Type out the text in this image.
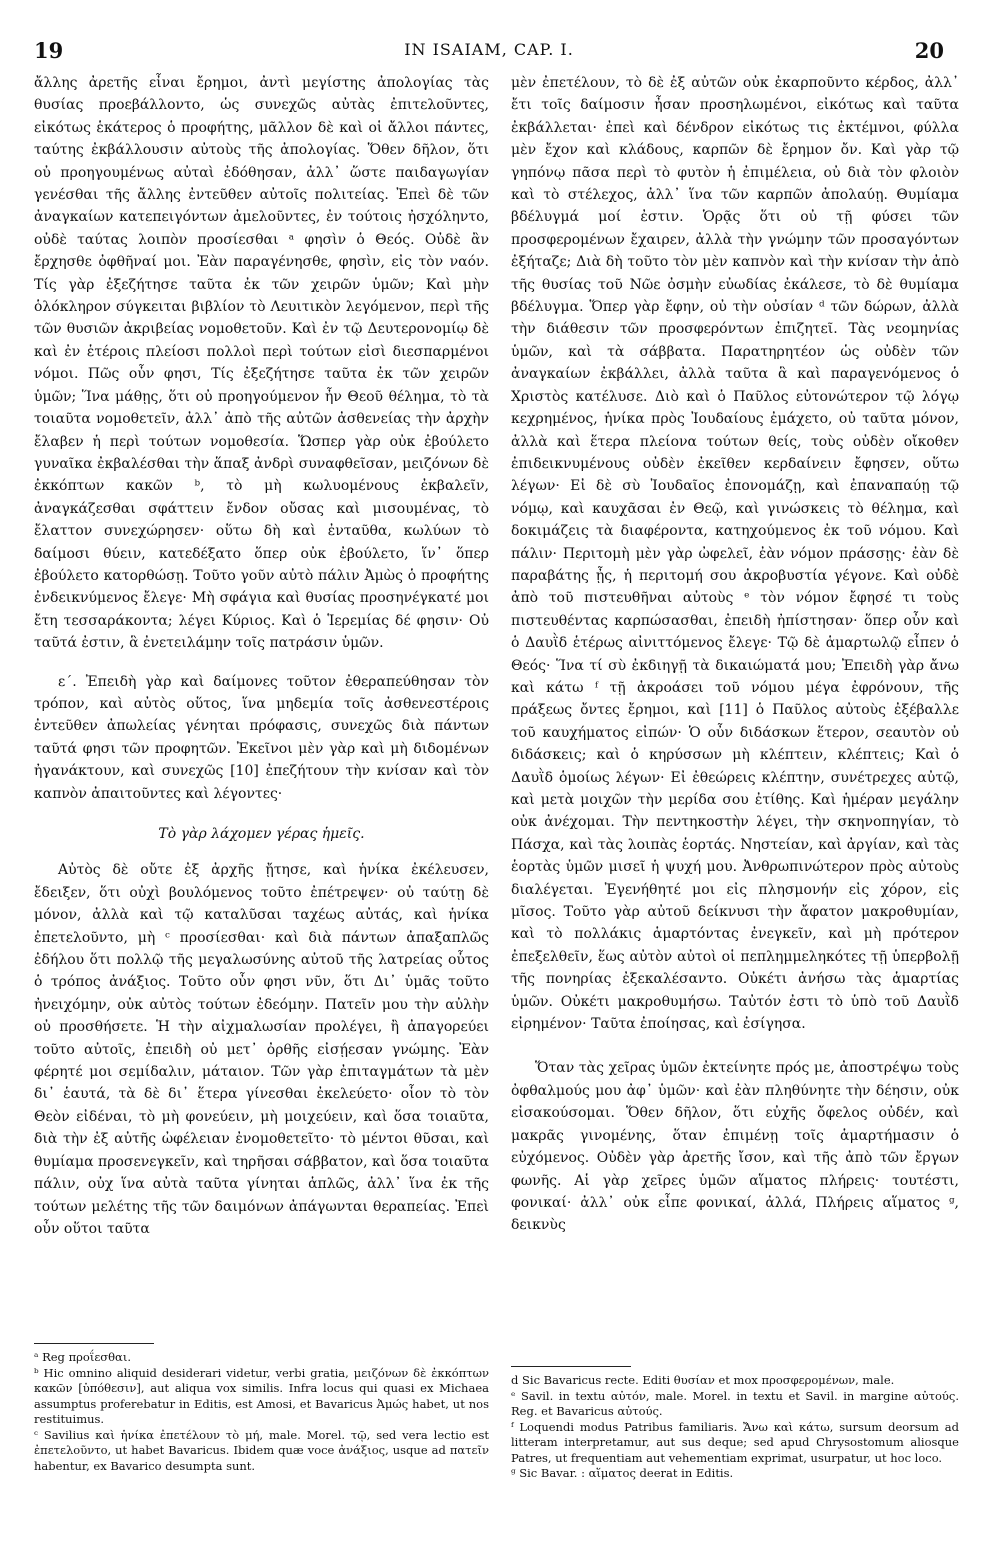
19	IN ISAIAM, CAP. I.	20

ἄλλης ἀρετῆς εἶναι ἔρημοι, ἀντὶ μεγίστης ἀπολογίας τὰς θυσίας προεβάλλοντο, ὡς συνεχῶς αὐτὰς ἐπιτελοῦντες, εἰκότως ἑκάτερος ὁ προφήτης, μᾶλλον δὲ καὶ οἱ ἄλλοι πάντες, ταύτης ἐκβάλλουσιν αὐτοὺς τῆς ἀπολογίας. Ὅθεν δῆλον, ὅτι οὐ προηγουμένως αὐταὶ ἐδόθησαν, ἀλλ᾽ ὥστε παιδαγωγίαν γενέσθαι τῆς ἄλλης ἐντεῦθεν αὐτοῖς πολιτείας. Ἐπεὶ δὲ τῶν ἀναγκαίων κατεπειγόντων ἀμελοῦντες, ἐν τούτοις ἠσχόληντο, οὐδὲ ταύτας λοιπὸν προσίεσθαι ᵃ φησὶν ὁ Θεός. Οὐδὲ ἂν ἔρχησθε ὀφθῆναί μοι. Ἐὰν παραγένησθε, φησὶν, εἰς τὸν ναόν. Τίς γὰρ ἐξεζήτησε ταῦτα ἐκ τῶν χειρῶν ὑμῶν; Καὶ μὴν ὁλόκληρον σύγκειται βιβλίον τὸ Λευιτικὸν λεγόμενον, περὶ τῆς τῶν θυσιῶν ἀκριβείας νομοθετοῦν. Καὶ ἐν τῷ Δευτερονομίῳ δὲ καὶ ἐν ἑτέροις πλείοσι πολλοὶ περὶ τούτων εἰσὶ διεσπαρμένοι νόμοι. Πῶς οὖν φησι, Τίς ἐξεζήτησε ταῦτα ἐκ τῶν χειρῶν ὑμῶν; Ἵνα μάθῃς, ὅτι οὐ προηγούμενον ἦν Θεοῦ θέλημα, τὸ τὰ τοιαῦτα νομοθετεῖν, ἀλλ᾽ ἀπὸ τῆς αὐτῶν ἀσθενείας τὴν ἀρχὴν ἔλαβεν ἡ περὶ τούτων νομοθεσία. Ὥσπερ γὰρ οὐκ ἐβούλετο γυναῖκα ἐκβαλέσθαι τὴν ἅπαξ ἀνδρὶ συναφθεῖσαν, μειζόνων δὲ ἐκκόπτων κακῶν ᵇ, τὸ μὴ κωλυομένους ἐκβαλεῖν, ἀναγκάζεσθαι σφάττειν ἔνδον οὔσας καὶ μισουμένας, τὸ ἔλαττον συνεχώρησεν· οὕτω δὴ καὶ ἐνταῦθα, κωλύων τὸ δαίμοσι θύειν, κατεδέξατο ὅπερ οὐκ ἐβούλετο, ἵν᾽ ὅπερ ἐβούλετο κατορθώσῃ. Τοῦτο γοῦν αὐτὸ πάλιν Ἀμὼς ὁ προφήτης ἐνδεικνύμενος ἔλεγε· Μὴ σφάγια καὶ θυσίας προσηνέγκατέ μοι ἔτη τεσσαράκοντα; λέγει Κύριος. Καὶ ὁ Ἱερεμίας δέ φησιν· Οὐ ταῦτά ἐστιν, ἃ ἐνετειλάμην τοῖς πατράσιν ὑμῶν.

ε´. Ἐπειδὴ γὰρ καὶ δαίμονες τοῦτον ἐθεραπεύθησαν τὸν τρόπον, καὶ αὐτὸς οὕτος, ἵνα μηδεμία τοῖς ἀσθενεστέροις ἐντεῦθεν ἀπωλείας γένηται πρόφασις, συνεχῶς διὰ πάντων ταῦτά φησι τῶν προφητῶν. Ἐκεῖνοι μὲν γὰρ καὶ μὴ διδομένων ἠγανάκτουν, καὶ συνεχῶς [10] ἐπεζήτουν τὴν κνίσαν καὶ τὸν καπνὸν ἀπαιτοῦντες καὶ λέγοντες·

Τὸ γὰρ λάχομεν γέρας ἡμεῖς.

Αὐτὸς δὲ οὔτε ἐξ ἀρχῆς ᾔτησε, καὶ ἡνίκα ἐκέλευσεν, ἔδειξεν, ὅτι οὐχὶ βουλόμενος τοῦτο ἐπέτρεψεν· οὐ ταύτῃ δὲ μόνον, ἀλλὰ καὶ τῷ καταλῦσαι ταχέως αὐτάς, καὶ ἡνίκα ἐπετελοῦντο, μὴ ᶜ προσίεσθαι· καὶ διὰ πάντων ἀπαξαπλῶς ἐδήλου ὅτι πολλῷ τῆς μεγαλωσύνης αὐτοῦ τῆς λατρείας οὗτος ὁ τρόπος ἀνάξιος. Τοῦτο οὖν φησι νῦν, ὅτι Δι᾽ ὑμᾶς τοῦτο ἠνειχόμην, οὐκ αὐτὸς τούτων ἐδεόμην. Πατεῖν μου τὴν αὐλὴν οὐ προσθήσετε. Ἡ τὴν αἰχμαλωσίαν προλέγει, ἢ ἀπαγορεύει τοῦτο αὐτοῖς, ἐπειδὴ οὐ μετ᾽ ὀρθῆς εἰσῄεσαν γνώμης. Ἐὰν φέρητέ μοι σεμίδαλιν, μάταιον. Τῶν γὰρ ἐπιταγμάτων τὰ μὲν δι᾽ ἑαυτά, τὰ δὲ δι᾽ ἕτερα γίνεσθαι ἐκελεύετο· οἷον τὸ τὸν Θεὸν εἰδέναι, τὸ μὴ φονεύειν, μὴ μοιχεύειν, καὶ ὅσα τοιαῦτα, διὰ τὴν ἐξ αὐτῆς ὠφέλειαν ἐνομοθετεῖτο· τὸ μέντοι θῦσαι, καὶ θυμίαμα προσενεγκεῖν, καὶ τηρῆσαι σάββατον, καὶ ὅσα τοιαῦτα πάλιν, οὐχ ἵνα αὐτὰ ταῦτα γίνηται ἁπλῶς, ἀλλ᾽ ἵνα ἐκ τῆς τούτων μελέτης τῆς τῶν δαιμόνων ἀπάγωνται θεραπείας. Ἐπεὶ οὖν οὕτοι ταῦτα

ᵃ Reg προΐεσθαι.

ᵇ Hic omnino aliquid desiderari videtur, verbi gratia, μειζόνων δὲ ἐκκόπτων κακῶν [ὑπόθεσιν], aut aliqua vox similis. Infra locus qui quasi ex Michaea assumptus proferebatur in Editis, est Amosi, et Bavaricus Ἀμώς habet, ut nos restituimus.

ᶜ Savilius καὶ ἡνίκα ἐπετέλουν τὸ μή, male. Morel. τῷ, sed vera lectio est ἐπετελοῦντο, ut habet Bavaricus. Ibidem quæ voce ἀνάξιος, usque ad πατεῖν habentur, ex Bavarico desumpta sunt.

μὲν ἐπετέλουν, τὸ δὲ ἐξ αὐτῶν οὐκ ἐκαρποῦντο κέρδος, ἀλλ᾽ ἔτι τοῖς δαίμοσιν ἦσαν προσηλωμένοι, εἰκότως καὶ ταῦτα ἐκβάλλεται· ἐπεὶ καὶ δένδρον εἰκότως τις ἐκτέμνοι, φύλλα μὲν ἔχον καὶ κλάδους, καρπῶν δὲ ἔρημον ὄν. Καὶ γὰρ τῷ γηπόνῳ πᾶσα περὶ τὸ φυτὸν ἡ ἐπιμέλεια, οὐ διὰ τὸν φλοιὸν καὶ τὸ στέλεχος, ἀλλ᾽ ἵνα τῶν καρπῶν ἀπολαύῃ. Θυμίαμα βδέλυγμά μοί ἐστιν. Ὁρᾷς ὅτι οὐ τῇ φύσει τῶν προσφερομένων ἔχαιρεν, ἀλλὰ τὴν γνώμην τῶν προσαγόντων ἐξήταζε; Διὰ δὴ τοῦτο τὸν μὲν καπνὸν καὶ τὴν κνίσαν τὴν ἀπὸ τῆς θυσίας τοῦ Νῶε ὀσμὴν εὐωδίας ἐκάλεσε, τὸ δὲ θυμίαμα βδέλυγμα. Ὅπερ γὰρ ἔφην, οὐ τὴν οὐσίαν ᵈ τῶν δώρων, ἀλλὰ τὴν διάθεσιν τῶν προσφερόντων ἐπιζητεῖ. Τὰς νεομηνίας ὑμῶν, καὶ τὰ σάββατα. Παρατηρητέον ὡς οὐδὲν τῶν ἀναγκαίων ἐκβάλλει, ἀλλὰ ταῦτα ἃ καὶ παραγενόμενος ὁ Χριστὸς κατέλυσε. Διὸ καὶ ὁ Παῦλος εὐτονώτερον τῷ λόγῳ κεχρημένος, ἡνίκα πρὸς Ἰουδαίους ἐμάχετο, οὐ ταῦτα μόνον, ἀλλὰ καὶ ἕτερα πλείονα τούτων θείς, τοὺς οὐδὲν οἴκοθεν ἐπιδεικνυμένους οὐδὲν ἐκεῖθεν κερδαίνειν ἔφησεν, οὕτω λέγων· Εἰ δὲ σὺ Ἰουδαῖος ἐπονομάζῃ, καὶ ἐπαναπαύῃ τῷ νόμῳ, καὶ καυχᾶσαι ἐν Θεῷ, καὶ γινώσκεις τὸ θέλημα, καὶ δοκιμάζεις τὰ διαφέροντα, κατηχούμενος ἐκ τοῦ νόμου. Καὶ πάλιν· Περιτομὴ μὲν γὰρ ὠφελεῖ, ἐὰν νόμον πράσσῃς· ἐὰν δὲ παραβάτης ᾖς, ἡ περιτομή σου ἀκροβυστία γέγονε. Καὶ οὐδὲ ἀπὸ τοῦ πιστευθῆναι αὐτοὺς ᵉ τὸν νόμον ἔφησέ τι τοὺς πιστευθέντας καρπώσασθαι, ἐπειδὴ ἠπίστησαν· ὅπερ οὖν καὶ ὁ Δαυῒδ ἑτέρως αἰνιττόμενος ἔλεγε· Τῷ δὲ ἁμαρτωλῷ εἶπεν ὁ Θεός· Ἵνα τί σὺ ἐκδιηγῇ τὰ δικαιώματά μου; Ἐπειδὴ γὰρ ἄνω καὶ κάτω ᶠ τῇ ἀκροάσει τοῦ νόμου μέγα ἐφρόνουν, τῆς πράξεως ὄντες ἔρημοι, καὶ [11] ὁ Παῦλος αὐτοὺς ἐξέβαλλε τοῦ καυχήματος εἰπών· Ὁ οὖν διδάσκων ἕτερον, σεαυτὸν οὐ διδάσκεις; καὶ ὁ κηρύσσων μὴ κλέπτειν, κλέπτεις; Καὶ ὁ Δαυῒδ ὁμοίως λέγων· Εἰ ἐθεώρεις κλέπτην, συνέτρεχες αὐτῷ, καὶ μετὰ μοιχῶν τὴν μερίδα σου ἐτίθης. Καὶ ἡμέραν μεγάλην οὐκ ἀνέχομαι. Τὴν πεντηκοστὴν λέγει, τὴν σκηνοπηγίαν, τὸ Πάσχα, καὶ τὰς λοιπὰς ἑορτάς. Νηστείαν, καὶ ἀργίαν, καὶ τὰς ἑορτὰς ὑμῶν μισεῖ ἡ ψυχή μου. Ἀνθρωπινώτερον πρὸς αὐτοὺς διαλέγεται. Ἐγενήθητέ μοι εἰς πλησμονήν εἰς χόρον, εἰς μῖσος. Τοῦτο γὰρ αὐτοῦ δείκνυσι τὴν ἄφατον μακροθυμίαν, καὶ τὸ πολλάκις ἁμαρτόντας ἐνεγκεῖν, καὶ μὴ πρότερον ἐπεξελθεῖν, ἕως αὐτὸν αὐτοὶ οἱ πεπλημμεληκότες τῇ ὑπερβολῇ τῆς πονηρίας ἐξεκαλέσαντο. Οὐκέτι ἀνήσω τὰς ἁμαρτίας ὑμῶν. Οὐκέτι μακροθυμήσω. Ταὐτόν ἐστι τὸ ὑπὸ τοῦ Δαυῒδ εἰρημένον· Ταῦτα ἐποίησας, καὶ ἐσίγησα.

Ὅταν τὰς χεῖρας ὑμῶν ἐκτείνητε πρός με, ἀποστρέψω τοὺς ὀφθαλμούς μου ἀφ᾽ ὑμῶν· καὶ ἐὰν πληθύνητε τὴν δέησιν, οὐκ εἰσακούσομαι. Ὅθεν δῆλον, ὅτι εὐχῆς ὄφελος οὐδέν, καὶ μακρᾶς γινομένης, ὅταν ἐπιμένῃ τοῖς ἁμαρτήμασιν ὁ εὐχόμενος. Οὐδὲν γὰρ ἀρετῆς ἴσον, καὶ τῆς ἀπὸ τῶν ἔργων φωνῆς. Αἱ γὰρ χεῖρες ὑμῶν αἵματος πλήρεις· τουτέστι, φονικαί· ἀλλ᾽ οὐκ εἶπε φονικαί, ἀλλά, Πλήρεις αἵματος ᵍ, δεικνὺς

d Sic Bavaricus recte. Editi θυσίαν et mox προσφερομένων, male.

ᵉ Savil. in textu αὐτόν, male. Morel. in textu et Savil. in margine αὐτούς. Reg. et Bavaricus αὐτούς.

ᶠ Loquendi modus Patribus familiaris. Ἄνω καὶ κάτω, sursum deorsum ad litteram interpretamur, aut sus deque; sed apud Chrysostomum aliosque Patres, ut frequentiam aut vehementiam exprimat, usurpatur, ut hoc loco.

ᵍ Sic Bavar. : αἵματος deerat in Editis.
